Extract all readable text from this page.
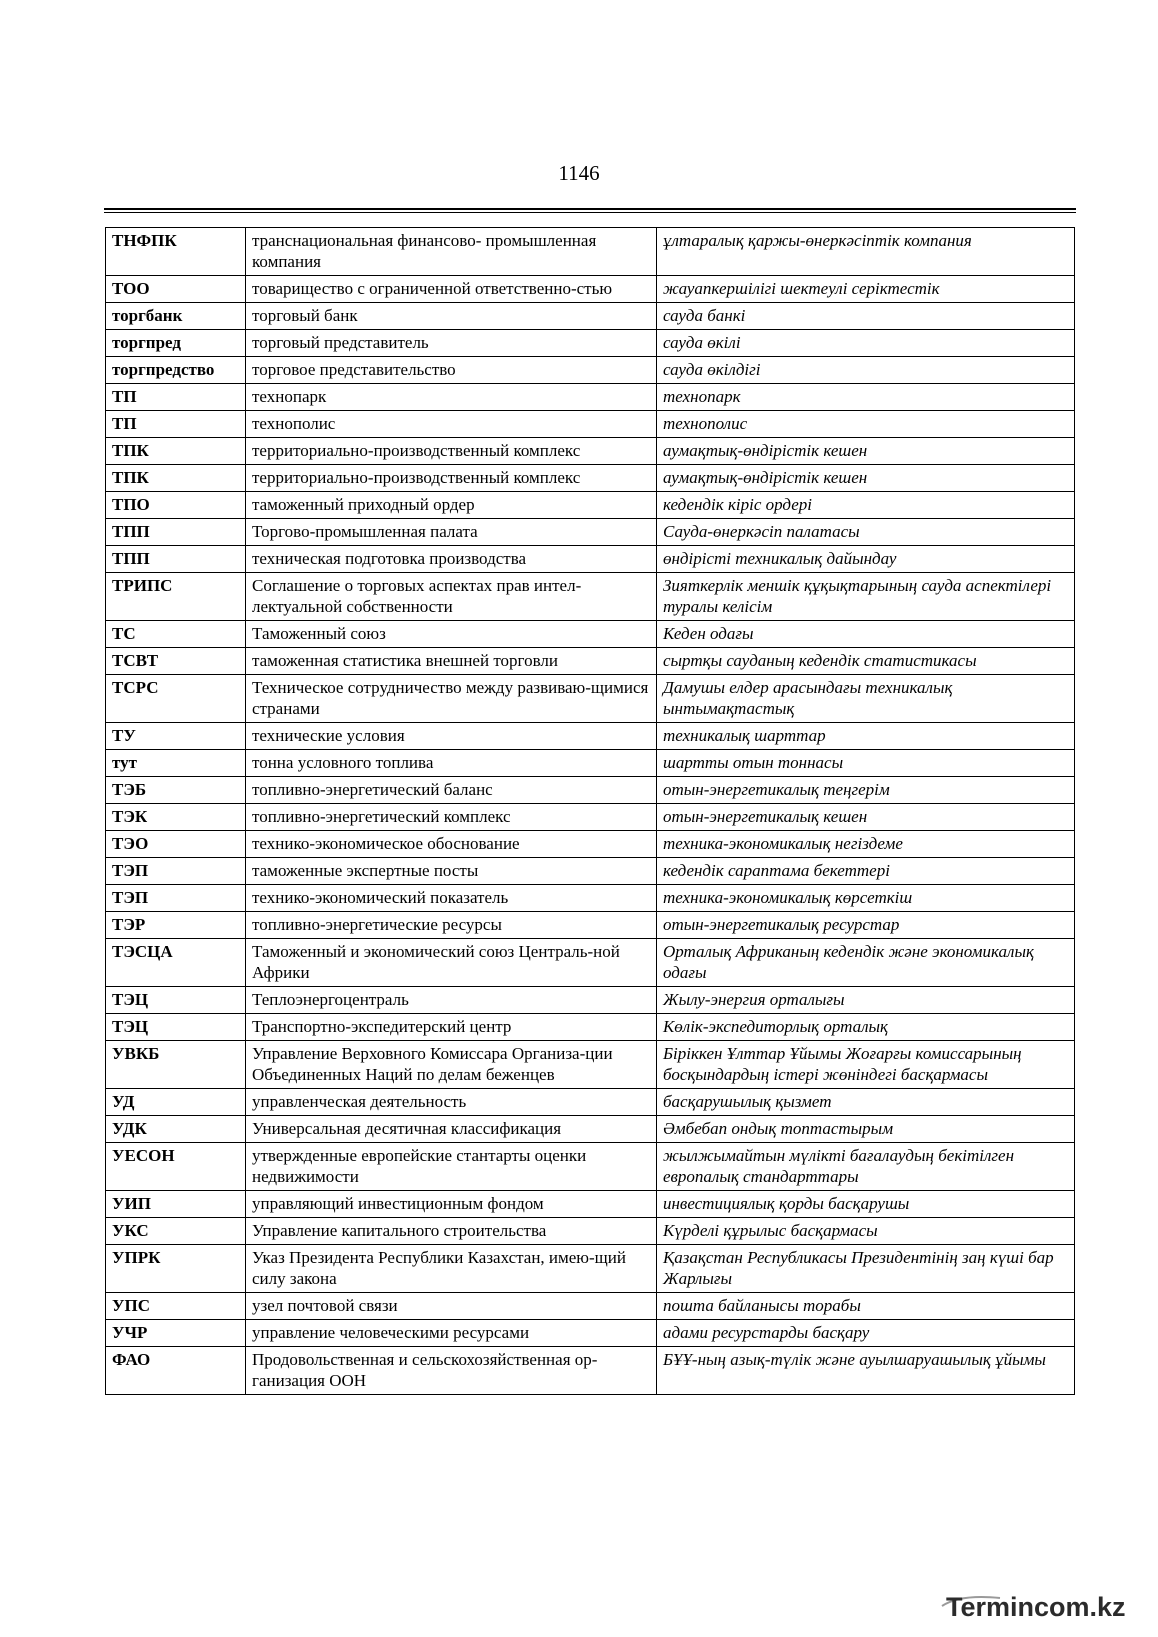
1146
ТНФПК	транснациональная финансово- промышленная компания	ұлтаралық қаржы-өнеркәсіптік компания
ТОО	товарищество с ограниченной ответственно-стью	жауапкершілігі шектеулі серіктестік
торгбанк	торговый банк	сауда банкі
торгпред	торговый представитель	сауда өкілі
торгпредство	торговое представительство	сауда өкілдігі
ТП	технопарк	технопарк
ТП	технополис	технополис
ТПК	территориально-производственный комплекс	аумақтық-өндірістік кешен
ТПК	территориально-производственный комплекс	аумақтық-өндірістік кешен
ТПО	таможенный приходный ордер	кедендік кіріс ордері
ТПП	Торгово-промышленная палата	Сауда-өнеркәсіп палатасы
ТПП	техническая подготовка производства	өндірісті техникалық дайындау
ТРИПС	Соглашение о торговых аспектах прав интел-лектуальной собственности	Зияткерлік меншік құқықтарының сауда аспектілері туралы келісім
ТС	Таможенный союз	Кеден одағы
ТСВТ	таможенная статистика внешней торговли	сыртқы сауданың кедендік статистикасы
ТСРС	Техническое сотрудничество между развиваю-щимися странами	Дамушы елдер арасындағы техникалық ынтымақтастық
ТУ	технические условия	техникалық шарттар
тут	тонна условного топлива	шартты отын тоннасы
ТЭБ	топливно-энергетический баланс	отын-энергетикалық теңгерім
ТЭК	топливно-энергетический комплекс	отын-энергетикалық кешен
ТЭО	технико-экономическое обоснование	техника-экономикалық негіздеме
ТЭП	таможенные экспертные посты	кедендік сараптама бекеттері
ТЭП	технико-экономический показатель	техника-экономикалық көрсеткіш
ТЭР	топливно-энергетические ресурсы	отын-энергетикалық ресурстар
ТЭСЦА	Таможенный и экономический союз Централь-ной Африки	Орталық Африканың кедендік және экономикалық одағы
ТЭЦ	Теплоэнергоцентраль	Жылу-энергия орталығы
ТЭЦ	Транспортно-экспедитерский центр	Көлік-экспедиторлық орталық
УВКБ	Управление Верховного Комиссара Организа-ции Объединенных Наций по делам беженцев	Біріккен Ұлттар Ұйымы Жоғарғы комиссарының босқындардың істері жөніндегі басқармасы
УД	управленческая деятельность	басқарушылық қызмет
УДК	Универсальная десятичная классификация	Әмбебап ондық топтастырым
УЕСОН	утвержденные европейские стантарты оценки недвижимости	жылжымайтын мүлікті бағалаудың бекітілген европалық стандарттары
УИП	управляющий инвестиционным фондом	инвестициялық қорды басқарушы
УКС	Управление капитального строительства	Күрделі құрылыс басқармасы
УПРК	Указ Президента Республики Казахстан, имею-щий силу закона	Қазақстан Республикасы Президентінің заң күші бар Жарлығы
УПС	узел почтовой связи	пошта байланысы торабы
УЧР	управление человеческими ресурсами	адами ресурстарды басқару
ФАО	Продовольственная и сельскохозяйственная ор-ганизация ООН	БҰҰ-ның азық-түлік және ауылшаруашылық ұйымы
Termincom.kz
